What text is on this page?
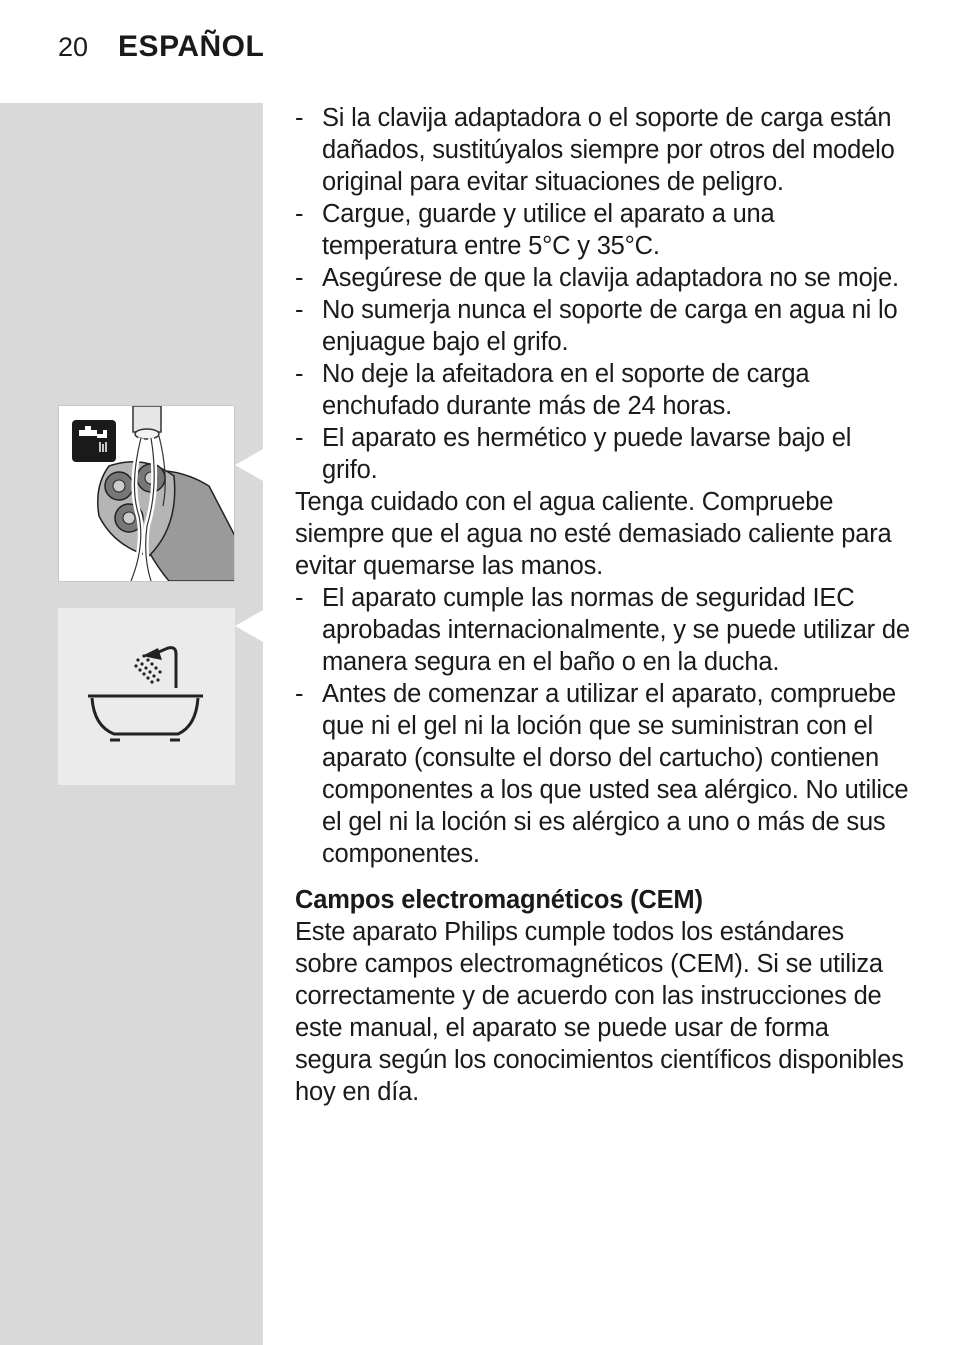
20 ESPAÑOL
- Si la clavija adaptadora o el soporte de carga están dañados, sustitúyalos siempre por otros del modelo original para evitar situaciones de peligro.
- Cargue, guarde y utilice el aparato a una temperatura entre 5°C y 35°C.
- Asegúrese de que la clavija adaptadora no se moje.
- No sumerja nunca el soporte de carga en agua ni lo enjuague bajo el grifo.
- No deje la afeitadora en el soporte de carga enchufado durante más de 24 horas.
- El aparato es hermético y puede lavarse bajo el grifo.

Tenga cuidado con el agua caliente. Compruebe siempre que el agua no esté demasiado caliente para evitar quemarse las manos.

- El aparato cumple las normas de seguridad IEC aprobadas internacionalmente, y se puede utilizar de manera segura en el baño o en la ducha.
- Antes de comenzar a utilizar el aparato, compruebe que ni el gel ni la loción que se suministran con el aparato (consulte el dorso del cartucho) contienen componentes a los que usted sea alérgico. No utilice el gel ni la loción si es alérgico a uno o más de sus componentes.

Campos electromagnéticos (CEM)

Este aparato Philips cumple todos los estándares sobre campos electromagnéticos (CEM). Si se utiliza correctamente y de acuerdo con las instrucciones de este manual, el aparato se puede usar de forma segura según los conocimientos científicos disponibles hoy en día.
